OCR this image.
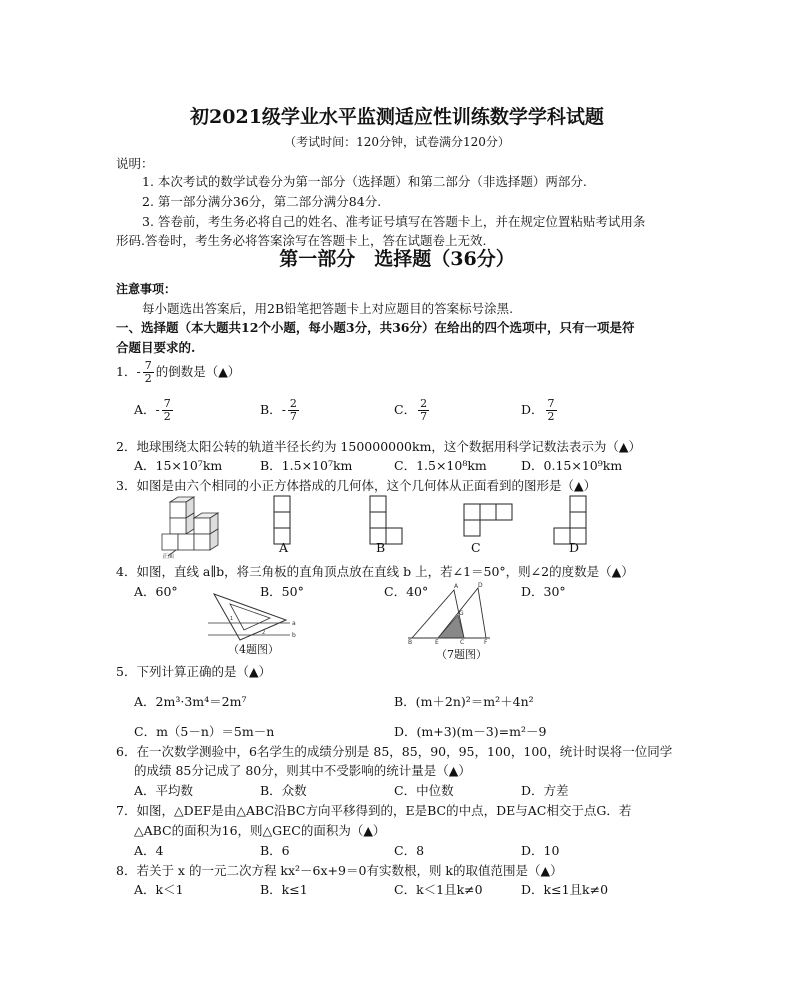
初2021级学业水平监测适应性训练数学学科试题
（考试时间：120分钟，试卷满分120分）
说明：
1. 本次考试的数学试卷分为第一部分（选择题）和第二部分（非选择题）两部分.
2. 第一部分满分36分，第二部分满分84分.
3. 答卷前，考生务必将自己的姓名、准考证号填写在答题卡上，并在规定位置粘贴考试用条
形码.答卷时，考生务必将答案涂写在答题卡上，答在试题卷上无效.
第一部分　选择题（36分）
注意事项：
每小题选出答案后，用2B铅笔把答题卡上对应题目的答案标号涂黑.
一、选择题（本大题共12个小题，每小题3分，共36分）在给出的四个选项中，只有一项是符
合题目要求的.
1．- $\frac{7}{2}$ 的倒数是（▲）
A．- $\frac{7}{2}$	B．- $\frac{2}{7}$	C． $\frac{2}{7}$	D． $\frac{7}{2}$
2．地球围绕太阳公转的轨道半径长约为 150000000km，这个数据用科学记数法表示为（▲）
A．15×10⁷km	B．1.5×10⁷km	C．1.5×10⁸km	D．0.15×10⁹km
3．如图是由六个相同的小正方体搭成的几何体，这个几何体从正面看到的图形是（▲）
正面
A	B	C	D
4．如图，直线 a∥b，将三角板的直角顶点放在直线 b 上，若∠1＝50°，则∠2的度数是（▲）
A．60°	B．50°	C．40°	D．30°
a
b
1
2
（4题图）
A	D
B	E	C	F
G
（7题图）
5．下列计算正确的是（▲）
A．2m³·3m⁴＝2m⁷	B．(m＋2n)²＝m²＋4n²
C．m（5－n）＝5m－n	D．(m+3)(m－3)=m²－9
6．在一次数学测验中，6名学生的成绩分别是 85，85，90，95，100，100，统计时误将一位同学
的成绩 85分记成了 80分，则其中不受影响的统计量是（▲）
A．平均数	B．众数	C．中位数	D．方差
7．如图，△DEF是由△ABC沿BC方向平移得到的，E是BC的中点，DE与AC相交于点G．若
△ABC的面积为16，则△GEC的面积为（▲）
A．4	B．6	C．8	D．10
8．若关于 x 的一元二次方程 kx²－6x+9＝0有实数根，则 k的取值范围是（▲）
A．k＜1	B．k≤1	C．k＜1且k≠0	D．k≤1且k≠0
